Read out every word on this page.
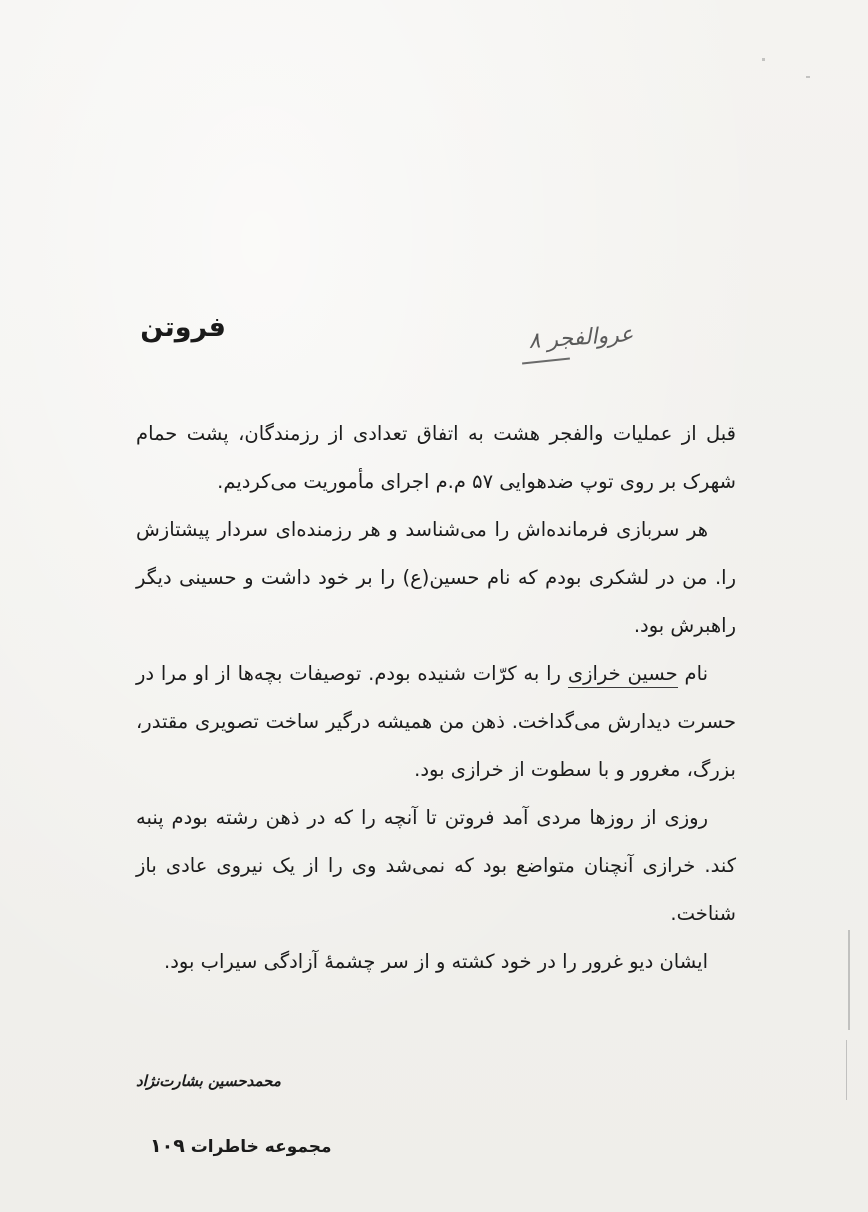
فروتن	عروالفجر ۸

قبل از عملیات والفجر هشت به اتفاق تعدادی از رزمندگان، پشت حمام شهرک بر روی توپ ضدهوایی ۵۷ م.م اجرای مأموریت می‌کردیم.

هر سربازی فرمانده‌اش را می‌شناسد و هر رزمنده‌ای سردار پیشتازش را. من در لشکری بودم که نام حسین(ع) را بر خود داشت و حسینی دیگر راهبرش بود.

نام حسین خرازی را به کرّات شنیده بودم. توصیفات بچه‌ها از او مرا در حسرت دیدارش می‌گداخت. ذهن من همیشه درگیر ساخت تصویری مقتدر، بزرگ، مغرور و با سطوت از خرازی بود.

روزی از روزها مردی آمد فروتن تا آنچه را که در ذهن رشته بودم پنبه کند. خرازی آنچنان متواضع بود که نمی‌شد وی را از یک نیروی عادی باز شناخت.

ایشان دیو غرور را در خود کشته و از سر چشمهٔ آزادگی سیراب بود.

محمدحسین بشارت‌نژاد
مجموعه خاطرات ۱۰۹
